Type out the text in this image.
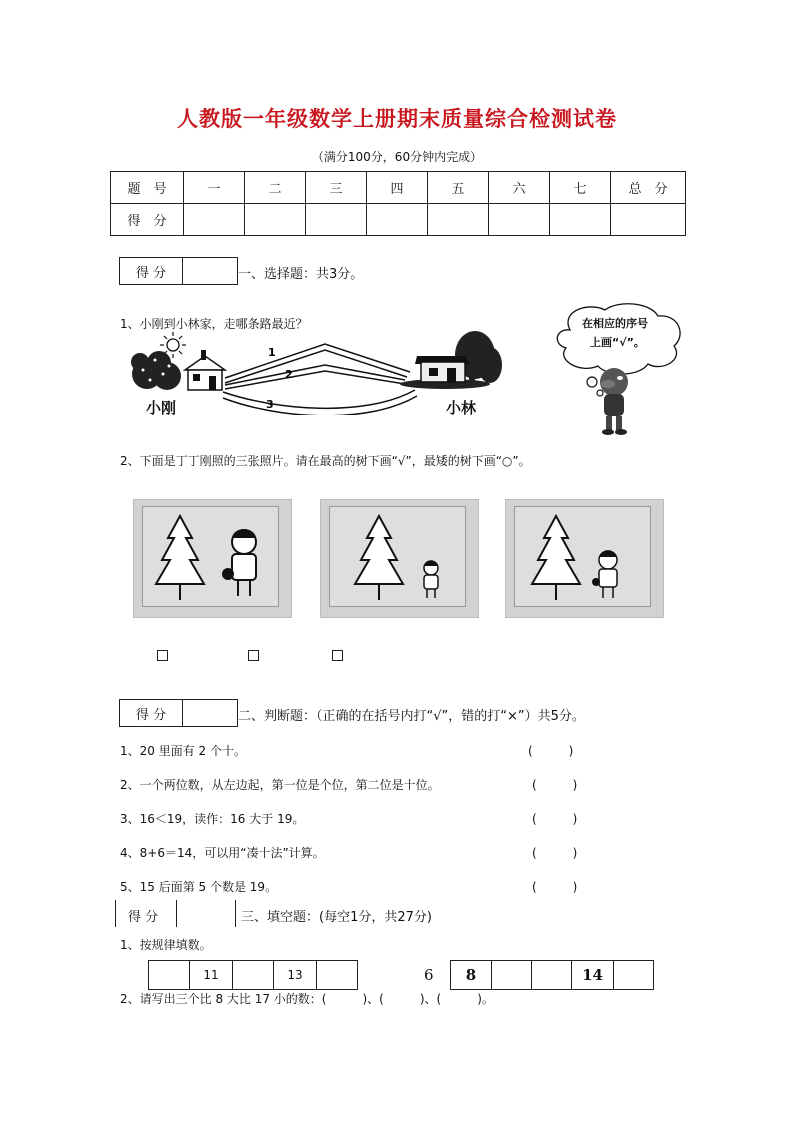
人教版一年级数学上册期末质量综合检测试卷
（满分100分，60分钟内完成）
题　号	一	二	三	四	五	六	七	总　分
得　分								
得 分	一、选择题：共3分。
1、小刚到小林家，走哪条路最近？
1
2
3
小刚	小林
在相应的序号
上画“√”。
2、下面是丁丁刚照的三张照片。请在最高的树下画“√”，最矮的树下画“○”。
得 分	二、判断题：（正确的在括号内打“√”，错的打“×”）共5分。
1、20 里面有 2 个十。	(　　　)
2、一个两位数，从左边起，第一位是个位，第二位是十位。	(　　　)
3、16＜19，读作：16 大于 19。	(　　　)
4、8+6＝14，可以用“凑十法”计算。	(　　　)
5、15 后面第 5 个数是 19。	(　　　)
得 分	三、填空题：(每空1分，共27分)
1、按规律填数。
11	13	6	8	14
2、请写出三个比 8 大比 17 小的数：(　　　)、(　　　)、(　　　)。
